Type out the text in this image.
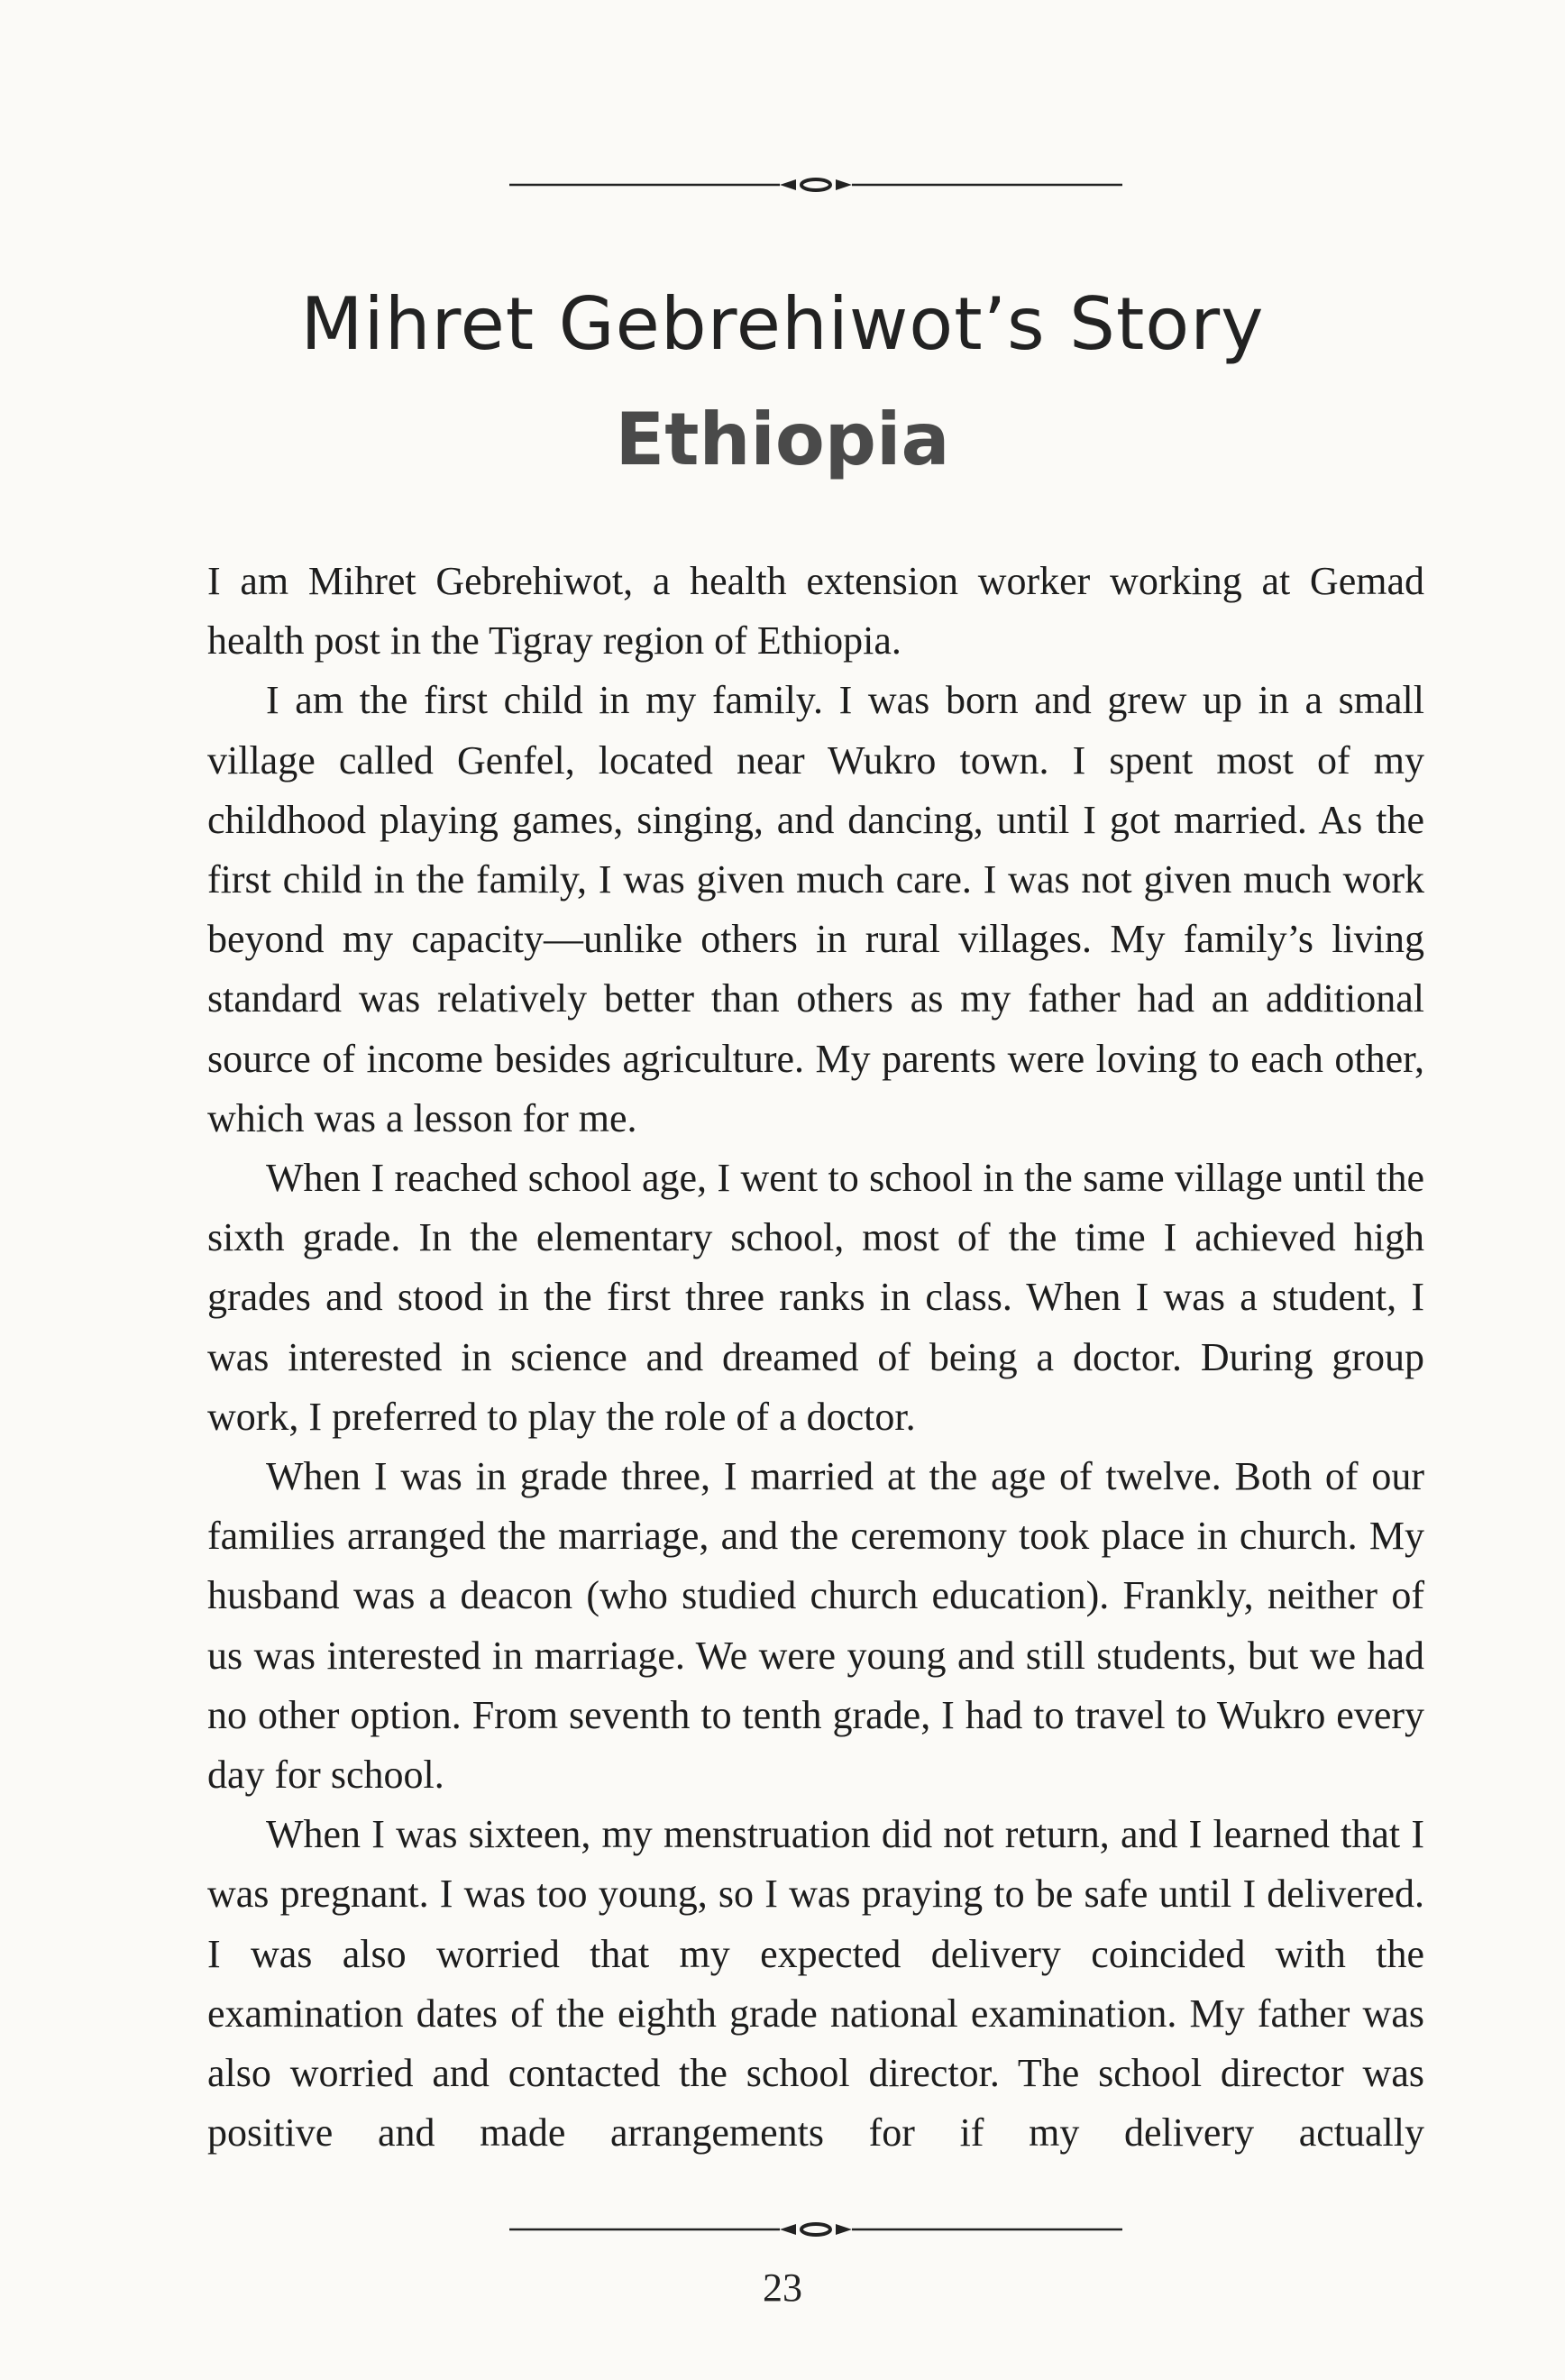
Mihret Gebrehiwot’s Story
Ethiopia

I am Mihret Gebrehiwot, a health extension worker working at Gemad health post in the Tigray region of Ethiopia.

I am the first child in my family. I was born and grew up in a small village called Genfel, located near Wukro town. I spent most of my childhood playing games, singing, and dancing, until I got married. As the first child in the family, I was given much care. I was not given much work beyond my capacity—unlike others in rural villages. My family’s living standard was relatively better than others as my father had an additional source of income besides agriculture. My parents were loving to each other, which was a lesson for me.

When I reached school age, I went to school in the same village until the sixth grade. In the elementary school, most of the time I achieved high grades and stood in the first three ranks in class. When I was a student, I was interested in science and dreamed of being a doctor. During group work, I preferred to play the role of a doctor.

When I was in grade three, I married at the age of twelve. Both of our families arranged the marriage, and the ceremony took place in church. My husband was a deacon (who studied church education). Frankly, neither of us was interested in marriage. We were young and still students, but we had no other option. From seventh to tenth grade, I had to travel to Wukro every day for school.

When I was sixteen, my menstruation did not return, and I learned that I was pregnant. I was too young, so I was praying to be safe until I delivered. I was also worried that my expected delivery coincided with the examination dates of the eighth grade national examination. My father was also worried and contacted the school director. The school director was positive and made arrangements for if my delivery actually

23
